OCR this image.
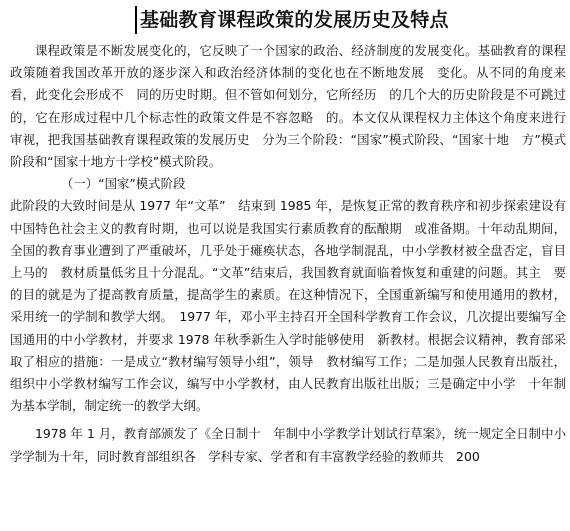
基础教育课程政策的发展历史及特点

课程政策是不断发展变化的，它反映了一个国家的政治、经济制度的发展变化。基础教育的课程政策随着我国改革开放的逐步深入和政治经济体制的变化也在不断地发展　变化。从不同的角度来看，此变化会形成不　同的历史时期。但不管如何划分，它所经历　的几个大的历史阶段是不可跳过的，它在形成过程中几个标志性的政策文件是不容忽略　的。本文仅从课程权力主体这个角度来进行审视，把我国基础教育课程政策的发展历史　分为三个阶段：“国家”模式阶段、“国家十地　方”模式阶段和“国家十地方十学校”模式阶段。

（一）“国家”模式阶段

此阶段的大致时间是从 1977 年“文革”　结束到 1985 年，是恢复正常的教育秩序和初步探索建设有中国特色社会主义的教育时期，也可以说是我国实行素质教育的酝酿期　或准备期。十年动乱期间，全国的教育事业遭到了严重破坏，几乎处于瘫痪状态，各地学制混乱，中小学教材被全盘否定，盲目上马的　教材质量低劣且十分混乱。“文革”结束后，我国教育就面临着恢复和重建的问题。其主　要的目的就是为了提高教育质量，提高学生的素质。在这种情况下，全国重新编写和使用通用的教材，采用统一的学制和教学大纲。　1977 年，邓小平主持召开全国科学教育工作会议，几次提出要编写全国通用的中小学教材，并要求 1978 年秋季新生入学时能够使用　新教材。根据会议精神，教育部采取了相应的措施：一是成立“教材编写领导小组”，领导　教材编写工作；二是加强人民教育出版社，组织中小学教材编写工作会议，编写中小学教材，由人民教育出版社出版；三是确定中小学　十年制为基本学制，制定统一的教学大纲。

1978 年 1 月，教育部颁发了《全日制十　年制中小学教学计划试行草案》，统一规定全日制中小学学制为十年，同时教育部组织各　学科专家、学者和有丰富教学经验的教师共　200
